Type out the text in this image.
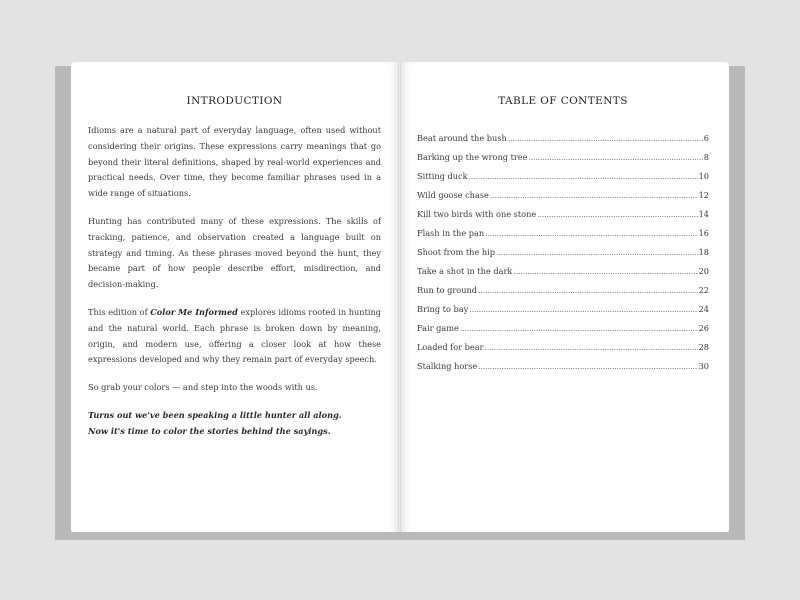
INTRODUCTION

Idioms are a natural part of everyday language, often used without considering their origins. These expressions carry meanings that go beyond their literal definitions, shaped by real-world experiences and practical needs. Over time, they become familiar phrases used in a wide range of situations.

Hunting has contributed many of these expressions. The skills of tracking, patience, and observation created a language built on strategy and timing. As these phrases moved beyond the hunt, they became part of how people describe effort, misdirection, and decision-making.

This edition of Color Me Informed explores idioms rooted in hunting and the natural world. Each phrase is broken down by meaning, origin, and modern use, offering a closer look at how these expressions developed and why they remain part of everyday speech.

So grab your colors — and step into the woods with us.

Turns out we've been speaking a little hunter all along.

Now it's time to color the stories behind the sayings.

TABLE OF CONTENTS
Beat around the bush .....	6
Barking up the wrong tree .....	8
Sitting duck .....	10
Wild goose chase .....	12
Kill two birds with one stone .....	14
Flash in the pan .....	16
Shoot from the hip .....	18
Take a shot in the dark .....	20
Run to ground .....	22
Bring to bay .....	24
Fair game .....	26
Loaded for bear .....	28
Stalking horse .....	30
